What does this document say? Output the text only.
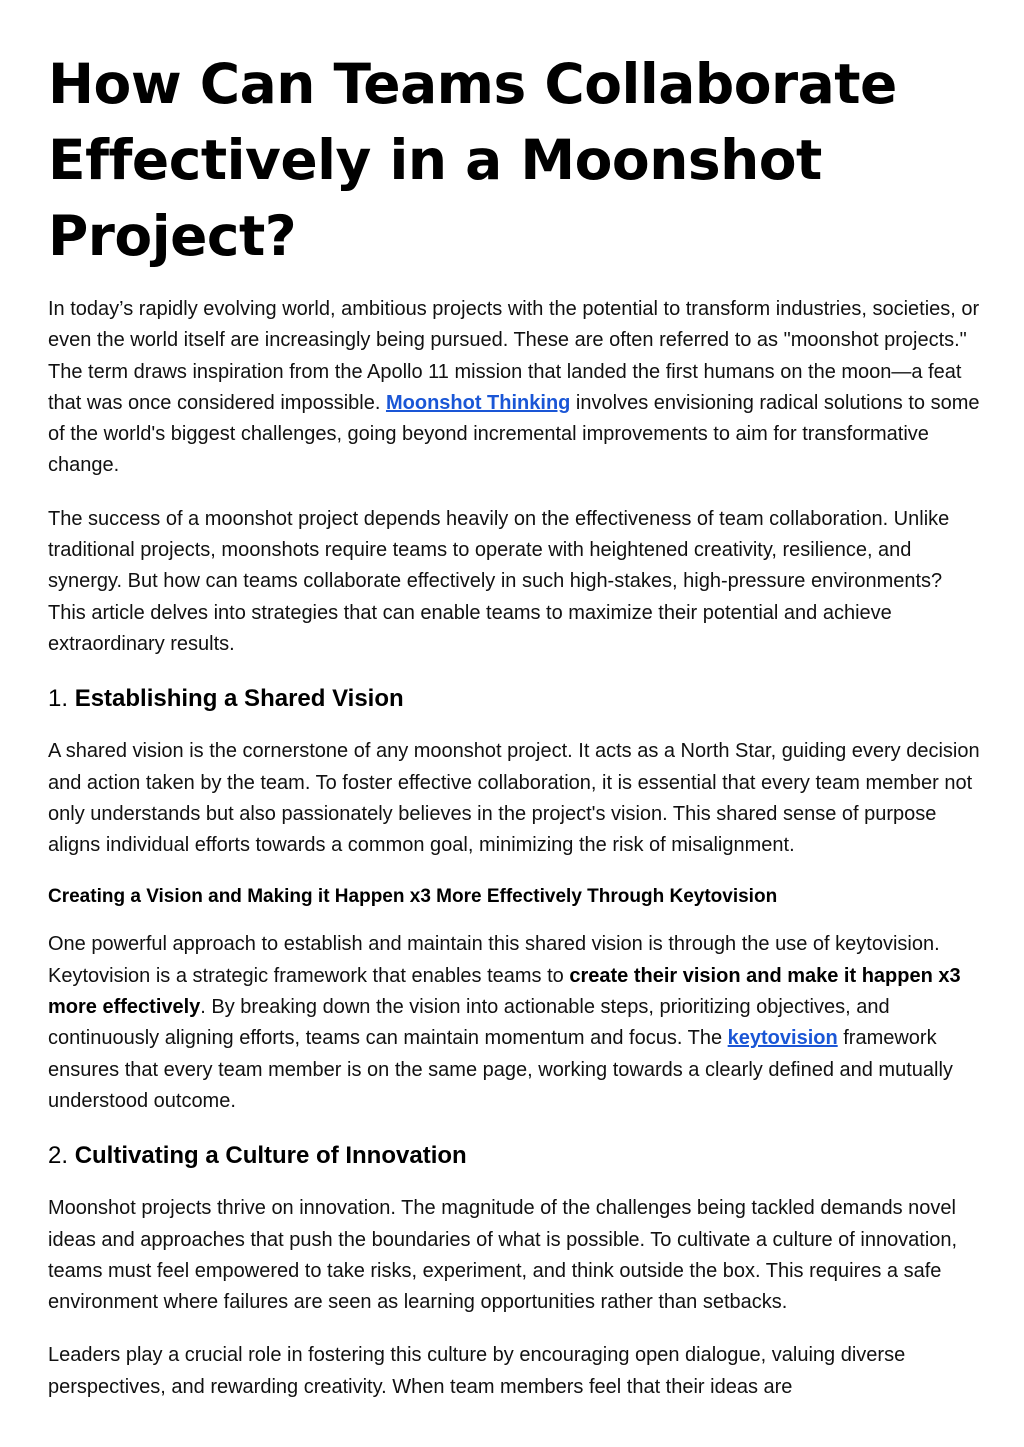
How Can Teams Collaborate Effectively in a Moonshot Project?

In today’s rapidly evolving world, ambitious projects with the potential to transform industries, societies, or even the world itself are increasingly being pursued. These are often referred to as "moonshot projects." The term draws inspiration from the Apollo 11 mission that landed the first humans on the moon—a feat that was once considered impossible. Moonshot Thinking involves envisioning radical solutions to some of the world's biggest challenges, going beyond incremental improvements to aim for transformative change.

The success of a moonshot project depends heavily on the effectiveness of team collaboration. Unlike traditional projects, moonshots require teams to operate with heightened creativity, resilience, and synergy. But how can teams collaborate effectively in such high-stakes, high-pressure environments? This article delves into strategies that can enable teams to maximize their potential and achieve extraordinary results.

1. Establishing a Shared Vision

A shared vision is the cornerstone of any moonshot project. It acts as a North Star, guiding every decision and action taken by the team. To foster effective collaboration, it is essential that every team member not only understands but also passionately believes in the project's vision. This shared sense of purpose aligns individual efforts towards a common goal, minimizing the risk of misalignment.

Creating a Vision and Making it Happen x3 More Effectively Through Keytovision

One powerful approach to establish and maintain this shared vision is through the use of keytovision. Keytovision is a strategic framework that enables teams to create their vision and make it happen x3 more effectively. By breaking down the vision into actionable steps, prioritizing objectives, and continuously aligning efforts, teams can maintain momentum and focus. The keytovision framework ensures that every team member is on the same page, working towards a clearly defined and mutually understood outcome.

2. Cultivating a Culture of Innovation

Moonshot projects thrive on innovation. The magnitude of the challenges being tackled demands novel ideas and approaches that push the boundaries of what is possible. To cultivate a culture of innovation, teams must feel empowered to take risks, experiment, and think outside the box. This requires a safe environment where failures are seen as learning opportunities rather than setbacks.

Leaders play a crucial role in fostering this culture by encouraging open dialogue, valuing diverse perspectives, and rewarding creativity. When team members feel that their ideas are
